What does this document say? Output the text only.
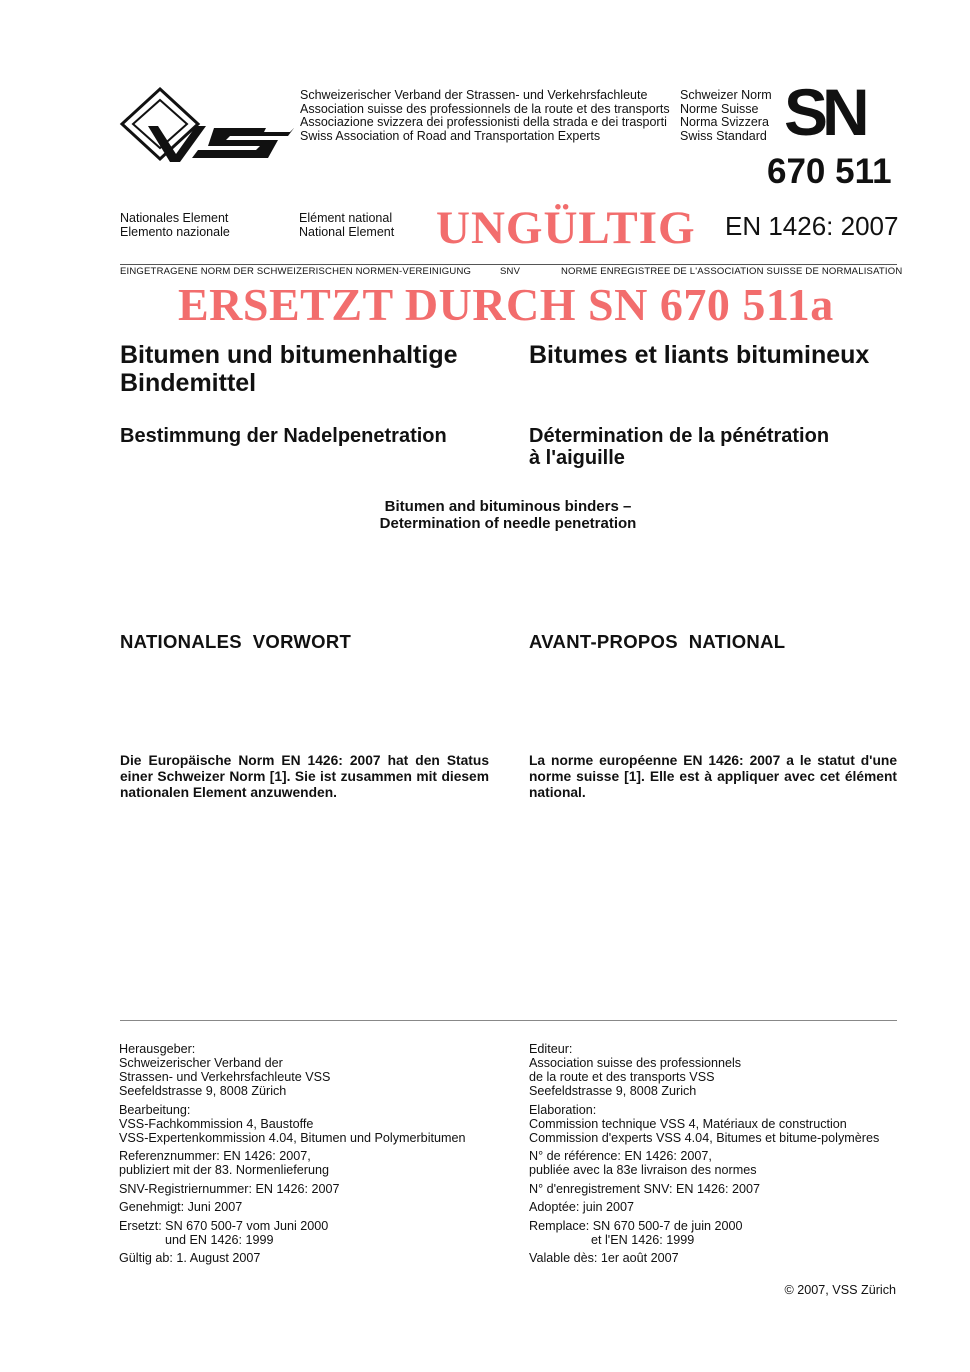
Schweizerischer Verband der Strassen- und Verkehrsfachleute
Association suisse des professionnels de la route et des transports
Associazione svizzera dei professionisti della strada e dei trasporti
Swiss Association of Road and Transportation Experts
Schweizer Norm
Norme Suisse
Norma Svizzera
Swiss Standard SN
670 511
Nationales Element
Elemento nazionale
Elément national
National Element UNGÜLTIG EN 1426: 2007
EINGETRAGENE NORM DER SCHWEIZERISCHEN NORMEN-VEREINIGUNG	SNV	NORME ENREGISTREE DE L'ASSOCIATION SUISSE DE NORMALISATION
ERSETZT DURCH SN 670 511a
Bitumen und bitumenhaltige
Bindemittel
Bitumes et liants bitumineux
Bestimmung der Nadelpenetration	Détermination de la pénétration
à l'aiguille
Bitumen and bituminous binders –
Determination of needle penetration
NATIONALES  VORWORT	AVANT-PROPOS  NATIONAL
Die Europäische Norm EN 1426: 2007 hat den Status einer Schweizer Norm [1]. Sie ist zusammen mit diesem nationalen Element anzuwenden.
La norme européenne EN 1426: 2007 a le statut d'une norme suisse [1]. Elle est à appliquer avec cet élément national.
Herausgeber:
Schweizerischer Verband der
Strassen- und Verkehrsfachleute VSS
Seefeldstrasse 9, 8008 Zürich
Bearbeitung:
VSS-Fachkommission 4, Baustoffe
VSS-Expertenkommission 4.04, Bitumen und Polymerbitumen
Referenznummer: EN 1426: 2007,
publiziert mit der 83. Normenlieferung
SNV-Registriernummer: EN 1426: 2007
Genehmigt: Juni 2007
Ersetzt: SN 670 500-7 vom Juni 2000
und EN 1426: 1999
Gültig ab: 1. August 2007
Editeur:
Association suisse des professionnels
de la route et des transports VSS
Seefeldstrasse 9, 8008 Zurich
Elaboration:
Commission technique VSS 4, Matériaux de construction
Commission d'experts VSS 4.04, Bitumes et bitume-polymères
N° de référence: EN 1426: 2007,
publiée avec la 83e livraison des normes
N° d'enregistrement SNV: EN 1426: 2007
Adoptée: juin 2007
Remplace: SN 670 500-7 de juin 2000
et l'EN 1426: 1999
Valable dès: 1er août 2007
© 2007, VSS Zürich
